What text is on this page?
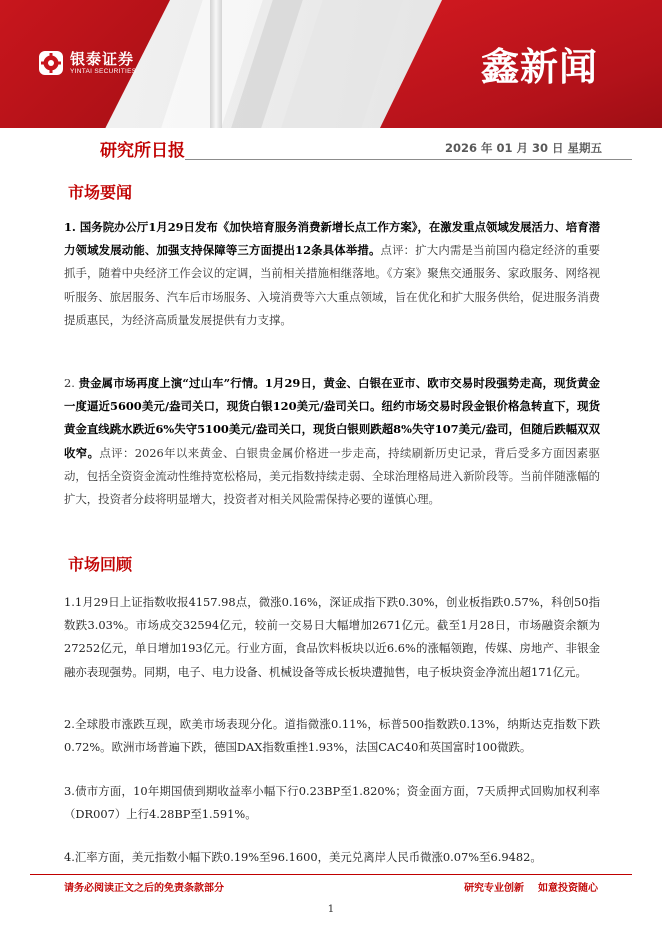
银泰证券
YINTAI SECURITIES	鑫新闻
研究所日报	2026 年 01 月 30 日 星期五
市场要闻

1. 国务院办公厅1月29日发布《加快培育服务消费新增长点工作方案》，在激发重点领域发展活力、培育潜力领域发展动能、加强支持保障等三方面提出12条具体举措。点评：扩大内需是当前国内稳定经济的重要抓手，随着中央经济工作会议的定调，当前相关措施相继落地。《方案》聚焦交通服务、家政服务、网络视听服务、旅居服务、汽车后市场服务、入境消费等六大重点领域，旨在优化和扩大服务供给，促进服务消费提质惠民，为经济高质量发展提供有力支撑。

2. 贵金属市场再度上演“过山车”行情。1月29日，黄金、白银在亚市、欧市交易时段强势走高，现货黄金一度逼近5600美元/盎司关口，现货白银120美元/盎司关口。纽约市场交易时段金银价格急转直下，现货黄金直线跳水跌近6%失守5100美元/盎司关口，现货白银则跌超8%失守107美元/盎司，但随后跌幅双双收窄。点评：2026年以来黄金、白银贵金属价格进一步走高，持续刷新历史记录，背后受多方面因素驱动，包括全资资金流动性维持宽松格局，美元指数持续走弱、全球治理格局进入新阶段等。当前伴随涨幅的扩大，投资者分歧将明显增大，投资者对相关风险需保持必要的谨慎心理。

市场回顾

1.1月29日上证指数收报4157.98点，微涨0.16%，深证成指下跌0.30%，创业板指跌0.57%，科创50指数跌3.03%。市场成交32594亿元，较前一交易日大幅增加2671亿元。截至1月28日，市场融资余额为27252亿元，单日增加193亿元。行业方面，食品饮料板块以近6.6%的涨幅领跑，传媒、房地产、非银金融亦表现强势。同期，电子、电力设备、机械设备等成长板块遭抛售，电子板块资金净流出超171亿元。

2.全球股市涨跌互现，欧美市场表现分化。道指微涨0.11%，标普500指数跌0.13%，纳斯达克指数下跌0.72%。欧洲市场普遍下跌，德国DAX指数重挫1.93%，法国CAC40和英国富时100微跌。

3.债市方面，10年期国债到期收益率小幅下行0.23BP至1.820%；资金面方面，7天质押式回购加权利率（DR007）上行4.28BP至1.591%。

4.汇率方面，美元指数小幅下跌0.19%至96.1600，美元兑离岸人民币微涨0.07%至6.9482。

请务必阅读正文之后的免责条款部分	研究专业创新    如意投资随心
1
